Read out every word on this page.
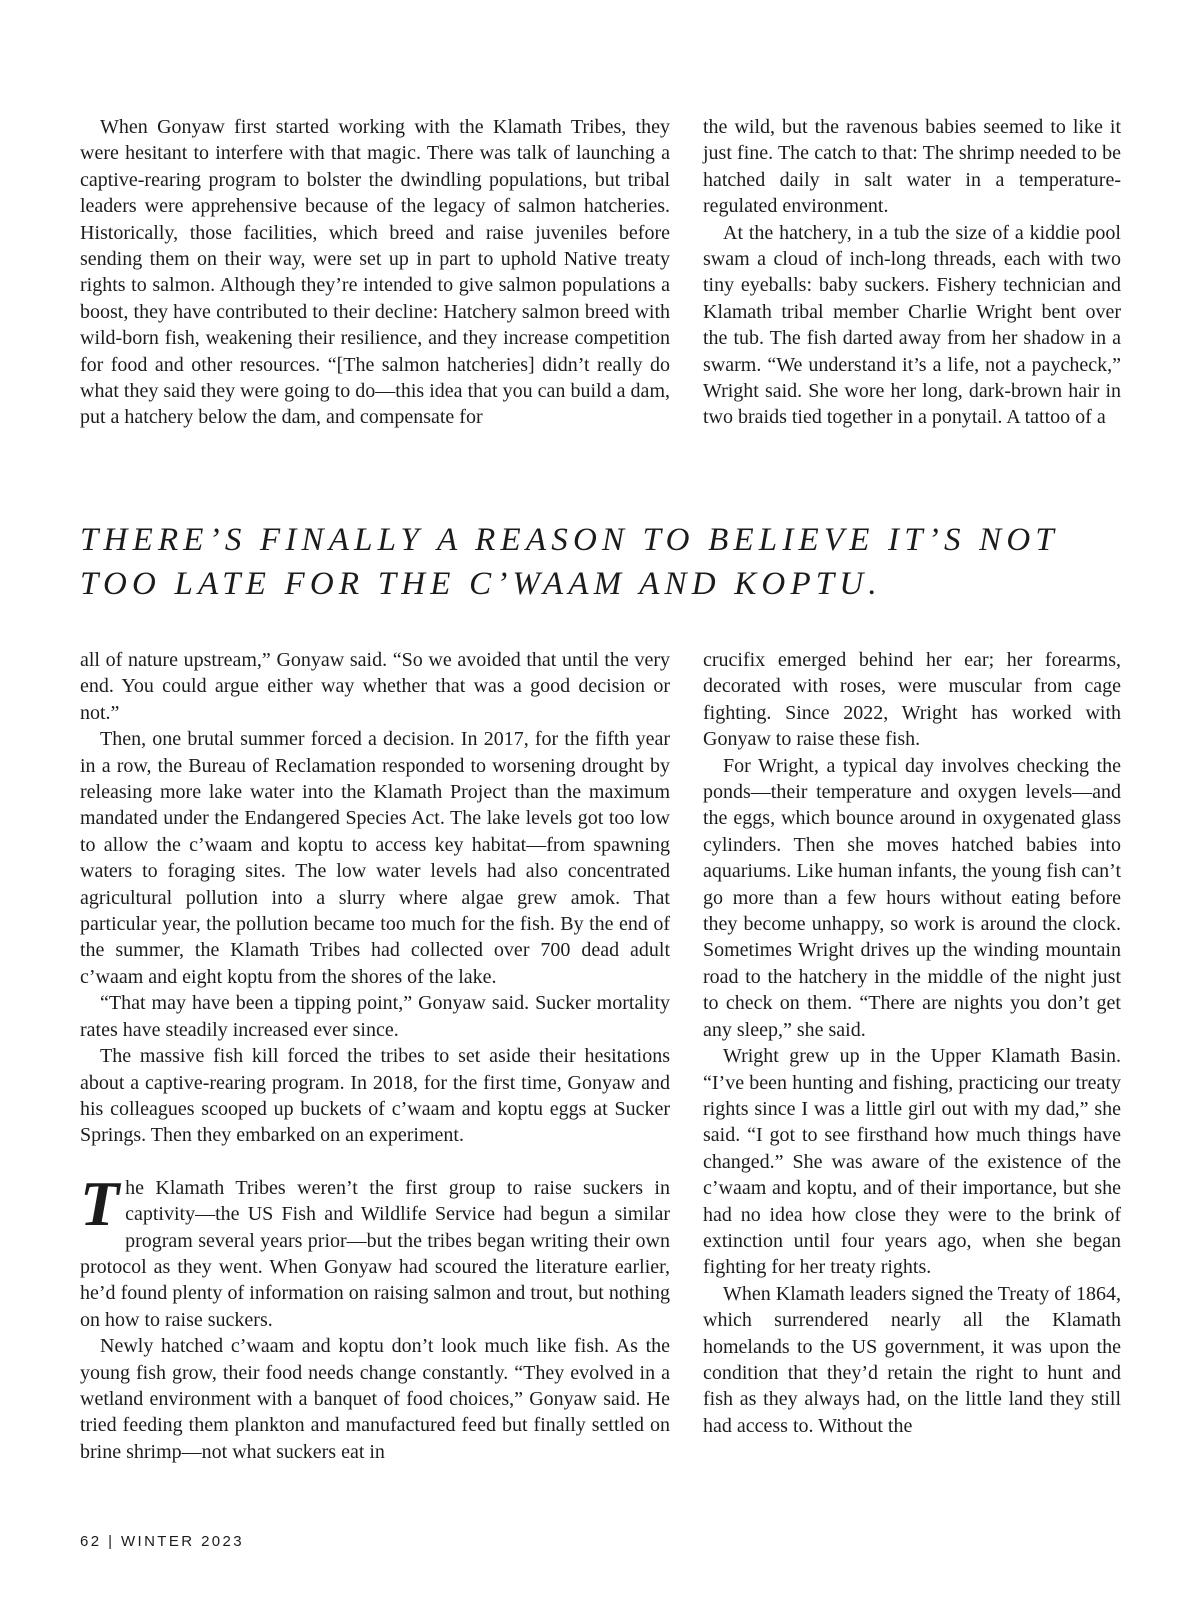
When Gonyaw first started working with the Klamath Tribes, they were hesitant to interfere with that magic. There was talk of launching a captive-rearing program to bolster the dwindling populations, but tribal leaders were apprehensive because of the legacy of salmon hatcheries. Historically, those facilities, which breed and raise juveniles before sending them on their way, were set up in part to uphold Native treaty rights to salmon. Although they’re intended to give salmon populations a boost, they have contributed to their decline: Hatchery salmon breed with wild-born fish, weakening their resilience, and they increase competition for food and other resources. “[The salmon hatcheries] didn’t really do what they said they were going to do—this idea that you can build a dam, put a hatchery below the dam, and compensate for

the wild, but the ravenous babies seemed to like it just fine. The catch to that: The shrimp needed to be hatched daily in salt water in a temperature-regulated environment.

At the hatchery, in a tub the size of a kiddie pool swam a cloud of inch-long threads, each with two tiny eyeballs: baby suckers. Fishery technician and Klamath tribal member Charlie Wright bent over the tub. The fish darted away from her shadow in a swarm. “We understand it’s a life, not a paycheck,” Wright said. She wore her long, dark-brown hair in two braids tied together in a ponytail. A tattoo of a

THERE’S FINALLY A REASON TO BELIEVE IT’S NOT TOO LATE FOR THE C’WAAM AND KOPTU.

all of nature upstream,” Gonyaw said. “So we avoided that until the very end. You could argue either way whether that was a good decision or not.”

Then, one brutal summer forced a decision. In 2017, for the fifth year in a row, the Bureau of Reclamation responded to worsening drought by releasing more lake water into the Klamath Project than the maximum mandated under the Endangered Species Act. The lake levels got too low to allow the c’waam and koptu to access key habitat—from spawning waters to foraging sites. The low water levels had also concentrated agricultural pollution into a slurry where algae grew amok. That particular year, the pollution became too much for the fish. By the end of the summer, the Klamath Tribes had collected over 700 dead adult c’waam and eight koptu from the shores of the lake.

“That may have been a tipping point,” Gonyaw said. Sucker mortality rates have steadily increased ever since.

The massive fish kill forced the tribes to set aside their hesitations about a captive-rearing program. In 2018, for the first time, Gonyaw and his colleagues scooped up buckets of c’waam and koptu eggs at Sucker Springs. Then they embarked on an experiment.

The Klamath Tribes weren’t the first group to raise suckers in captivity—the US Fish and Wildlife Service had begun a similar program several years prior—but the tribes began writing their own protocol as they went. When Gonyaw had scoured the literature earlier, he’d found plenty of information on raising salmon and trout, but nothing on how to raise suckers.

Newly hatched c’waam and koptu don’t look much like fish. As the young fish grow, their food needs change constantly. “They evolved in a wetland environment with a banquet of food choices,” Gonyaw said. He tried feeding them plankton and manufactured feed but finally settled on brine shrimp—not what suckers eat in

crucifix emerged behind her ear; her forearms, decorated with roses, were muscular from cage fighting. Since 2022, Wright has worked with Gonyaw to raise these fish.

For Wright, a typical day involves checking the ponds—their temperature and oxygen levels—and the eggs, which bounce around in oxygenated glass cylinders. Then she moves hatched babies into aquariums. Like human infants, the young fish can’t go more than a few hours without eating before they become unhappy, so work is around the clock. Sometimes Wright drives up the winding mountain road to the hatchery in the middle of the night just to check on them. “There are nights you don’t get any sleep,” she said.

Wright grew up in the Upper Klamath Basin. “I’ve been hunting and fishing, practicing our treaty rights since I was a little girl out with my dad,” she said. “I got to see firsthand how much things have changed.” She was aware of the existence of the c’waam and koptu, and of their importance, but she had no idea how close they were to the brink of extinction until four years ago, when she began fighting for her treaty rights.

When Klamath leaders signed the Treaty of 1864, which surrendered nearly all the Klamath homelands to the US government, it was upon the condition that they’d retain the right to hunt and fish as they always had, on the little land they still had access to. Without the

62 | WINTER 2023
